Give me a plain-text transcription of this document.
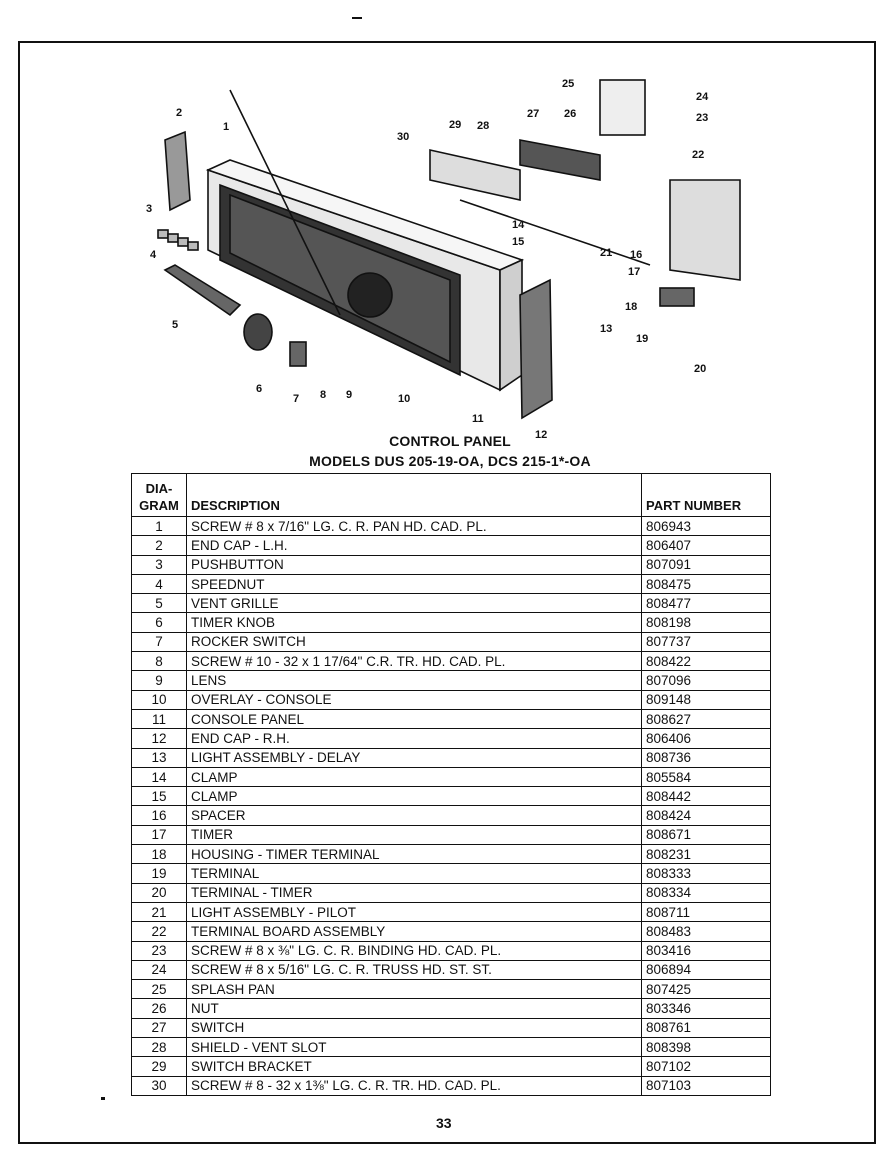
1
2
3
4
5
6
7 8 9	10
11
12
13
14
15
16
17
18
19
20
21
22
23
24
25
26
27
28
29
30
CONTROL PANEL
MODELS DUS 205-19-OA, DCS 215-1*-OA
DIA-
GRAM	DESCRIPTION	PART NUMBER
1	SCREW # 8 x 7/16" LG. C. R. PAN HD. CAD. PL.	806943
2	END CAP - L.H.	806407
3	PUSHBUTTON	807091
4	SPEEDNUT	808475
5	VENT GRILLE	808477
6	TIMER KNOB	808198
7	ROCKER SWITCH	807737
8	SCREW # 10 - 32 x 1 17/64" C.R. TR. HD. CAD. PL.	808422
9	LENS	807096
10	OVERLAY - CONSOLE	809148
11	CONSOLE PANEL	808627
12	END CAP - R.H.	806406
13	LIGHT ASSEMBLY - DELAY	808736
14	CLAMP	805584
15	CLAMP	808442
16	SPACER	808424
17	TIMER	808671
18	HOUSING - TIMER TERMINAL	808231
19	TERMINAL	808333
20	TERMINAL - TIMER	808334
21	LIGHT ASSEMBLY - PILOT	808711
22	TERMINAL BOARD ASSEMBLY	808483
23	SCREW # 8 x ⅜" LG. C. R. BINDING HD. CAD. PL.	803416
24	SCREW # 8 x 5/16" LG. C. R. TRUSS HD. ST. ST.	806894
25	SPLASH PAN	807425
26	NUT	803346
27	SWITCH	808761
28	SHIELD - VENT SLOT	808398
29	SWITCH BRACKET	807102
30	SCREW # 8 - 32 x 1⅜" LG. C. R. TR. HD. CAD. PL.	807103
33
